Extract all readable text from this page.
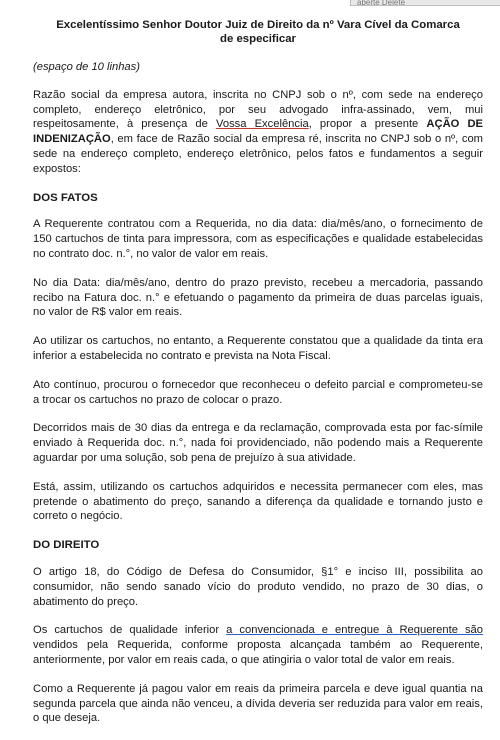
aberte Delete
Excelentíssimo Senhor Doutor Juiz de Direito da nº Vara Cível da Comarca
de especificar
(espaço de 10 linhas)

Razão social da empresa autora, inscrita no CNPJ sob o nº, com sede na endereço completo, endereço eletrônico, por seu advogado infra-assinado, vem, mui respeitosamente, à presença de Vossa Excelência, propor a presente AÇÃO DE INDENIZAÇÃO, em face de Razão social da empresa ré, inscrita no CNPJ sob o nº, com sede na endereço completo, endereço eletrônico, pelos fatos e fundamentos a seguir expostos:

DOS FATOS

A Requerente contratou com a Requerida, no dia data: dia/mês/ano, o fornecimento de 150 cartuchos de tinta para impressora, com as especificações e qualidade estabelecidas no contrato doc. n.°, no valor de valor em reais.

No dia Data: dia/mês/ano, dentro do prazo previsto, recebeu a mercadoria, passando recibo na Fatura doc. n.° e efetuando o pagamento da primeira de duas parcelas iguais, no valor de R$ valor em reais.

Ao utilizar os cartuchos, no entanto, a Requerente constatou que a qualidade da tinta era inferior a estabelecida no contrato e prevista na Nota Fiscal.

Ato contínuo, procurou o fornecedor que reconheceu o defeito parcial e comprometeu-se a trocar os cartuchos no prazo de colocar o prazo.

Decorridos mais de 30 dias da entrega e da reclamação, comprovada esta por fac-símile enviado à Requerida doc. n.°, nada foi providenciado, não podendo mais a Requerente aguardar por uma solução, sob pena de prejuízo à sua atividade.

Está, assim, utilizando os cartuchos adquiridos e necessita permanecer com eles, mas pretende o abatimento do preço, sanando a diferença da qualidade e tornando justo e correto o negócio.

DO DIREITO

O artigo 18, do Código de Defesa do Consumidor, §1° e inciso III, possibilita ao consumidor, não sendo sanado vício do produto vendido, no prazo de 30 dias, o abatimento do preço.

Os cartuchos de qualidade inferior a convencionada e entregue à Requerente são vendidos pela Requerida, conforme proposta alcançada também ao Requerente, anteriormente, por valor em reais cada, o que atingiria o valor total de valor em reais.

Como a Requerente já pagou valor em reais da primeira parcela e deve igual quantia na segunda parcela que ainda não venceu, a dívida deveria ser reduzida para valor em reais, o que deseja.
